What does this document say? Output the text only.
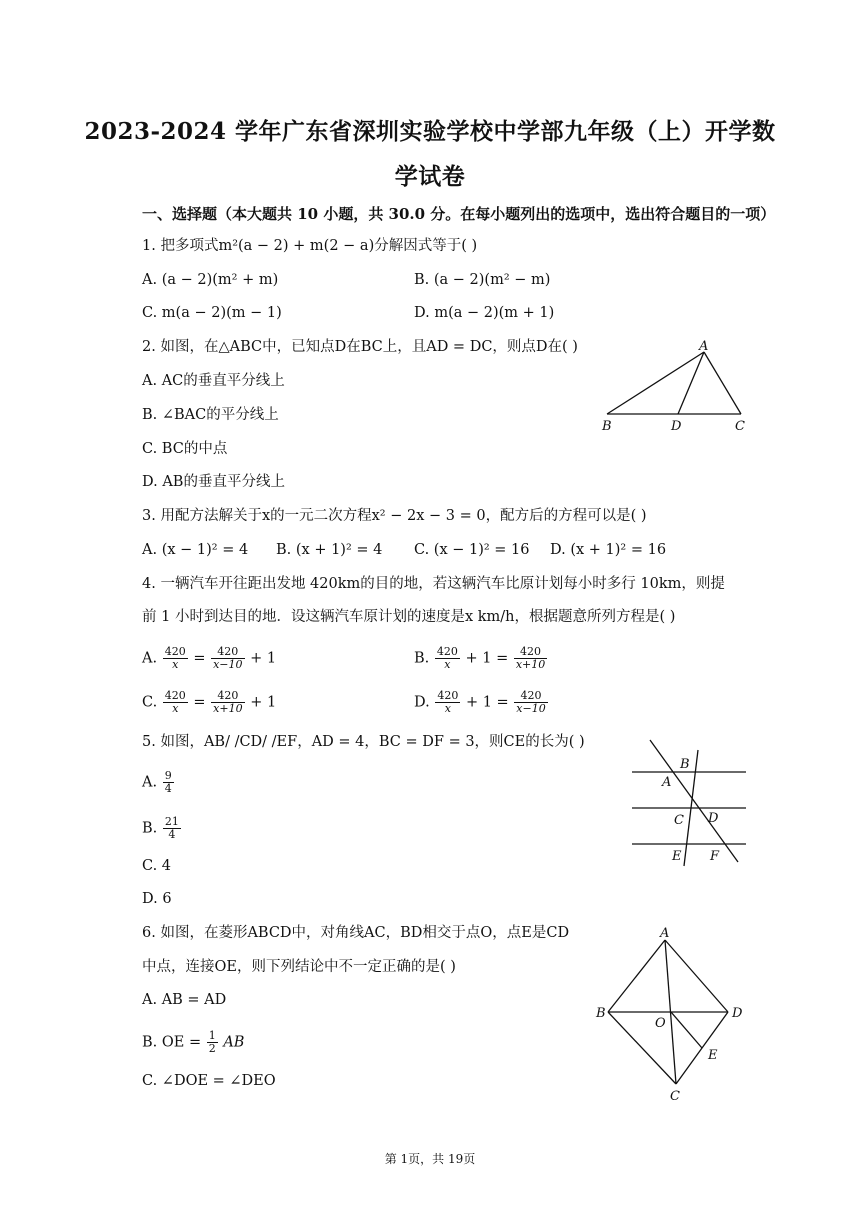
2023-2024 学年广东省深圳实验学校中学部九年级（上）开学数
学试卷
一、选择题（本大题共 10 小题，共 30.0 分。在每小题列出的选项中，选出符合题目的一项）
1. 把多项式m²(a − 2) + m(2 − a)分解因式等于( )
A. (a − 2)(m² + m)	B. (a − 2)(m² − m)
C. m(a − 2)(m − 1)	D. m(a − 2)(m + 1)
2. 如图，在△ABC中，已知点D在BC上，且AD = DC，则点D在( )
A. AC的垂直平分线上
B. ∠BAC的平分线上
C. BC的中点
D. AB的垂直平分线上
A
B	D	C
3. 用配方法解关于x的一元二次方程x² − 2x − 3 = 0，配方后的方程可以是( )
A. (x − 1)² = 4 B. (x + 1)² = 4 C. (x − 1)² = 16 D. (x + 1)² = 16
4. 一辆汽车开往距出发地 420km的目的地，若这辆汽车比原计划每小时多行 10km，则提
前 1 小时到达目的地．设这辆汽车原计划的速度是x km/h，根据题意所列方程是( )
A. $\frac{420}{x} = \frac{420}{x-10} + 1$	B. $\frac{420}{x} + 1 = \frac{420}{x+10}$
C. $\frac{420}{x} = \frac{420}{x+10} + 1$	D. $\frac{420}{x} + 1 = \frac{420}{x-10}$
5. 如图，AB/ /CD/ /EF，AD = 4，BC = DF = 3，则CE的长为( )
A. $\frac{9}{4}$
B. $\frac{21}{4}$
C. 4
D. 6
B
A
C D
E F
6. 如图，在菱形ABCD中，对角线AC，BD相交于点O，点E是CD
中点，连接OE，则下列结论中不一定正确的是( )
A. AB = AD
B. OE = $\frac{1}{2}$ AB
C. ∠DOE = ∠DEO
A
B
O
D
E
C
第 1页，共 19页
